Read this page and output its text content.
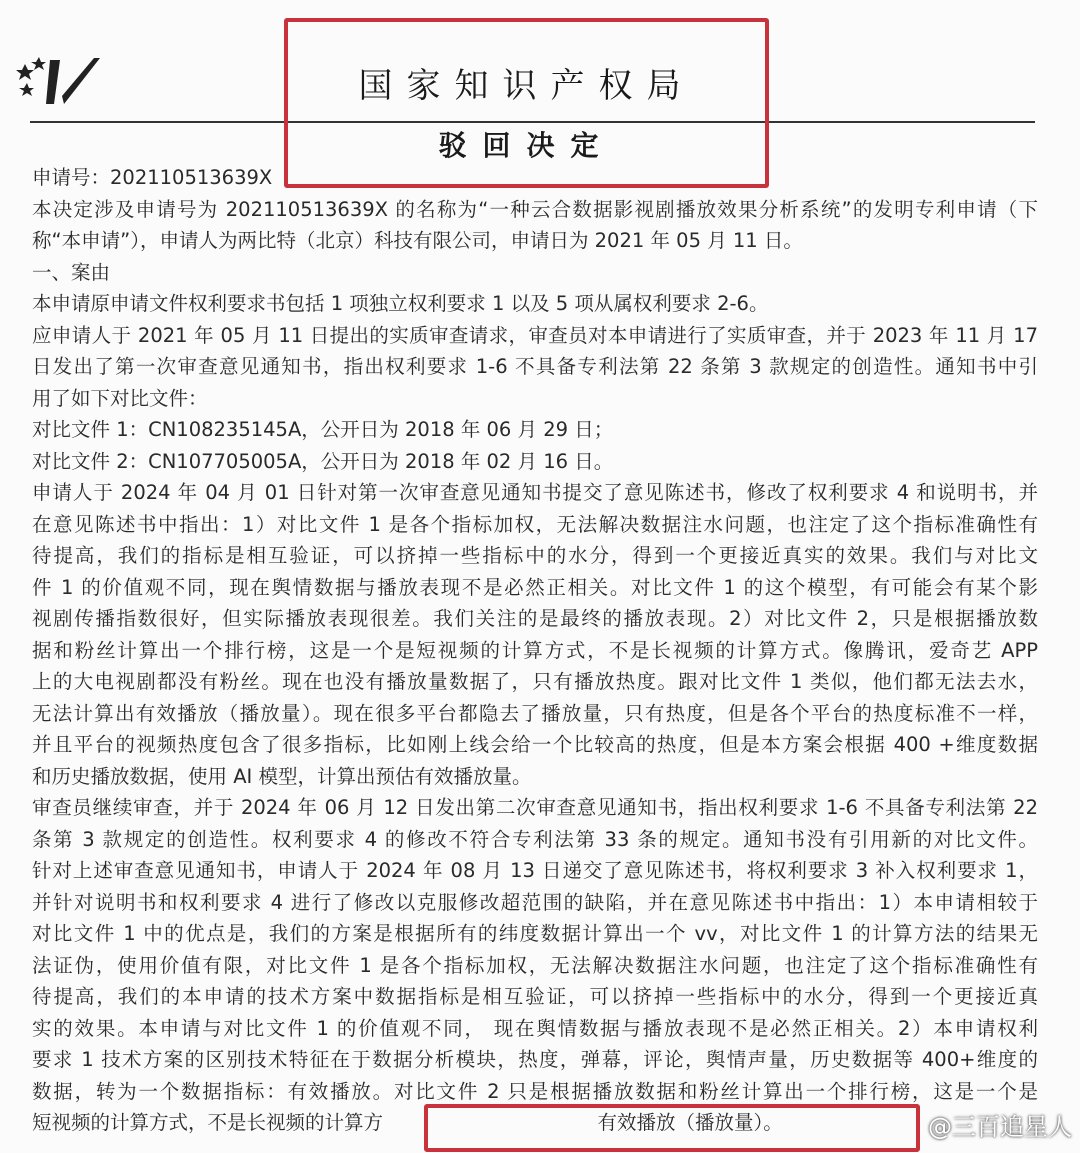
国家知识产权局
驳回决定
申请号：202110513639X
本决定涉及申请号为 202110513639X 的名称为“一种云合数据影视剧播放效果分析系统”的发明专利申请（下
称“本申请”），申请人为两比特（北京）科技有限公司，申请日为 2021 年 05 月 11 日。
一、案由
本申请原申请文件权利要求书包括 1 项独立权利要求 1 以及 5 项从属权利要求 2-6。
应申请人于 2021 年 05 月 11 日提出的实质审查请求，审查员对本申请进行了实质审查，并于 2023 年 11 月 17
日发出了第一次审查意见通知书，指出权利要求 1-6 不具备专利法第 22 条第 3 款规定的创造性。通知书中引
用了如下对比文件：
对比文件 1：CN108235145A，公开日为 2018 年 06 月 29 日；
对比文件 2：CN107705005A，公开日为 2018 年 02 月 16 日。
申请人于 2024 年 04 月 01 日针对第一次审查意见通知书提交了意见陈述书，修改了权利要求 4 和说明书，并
在意见陈述书中指出：1）对比文件 1 是各个指标加权，无法解决数据注水问题，也注定了这个指标准确性有
待提高，我们的指标是相互验证，可以挤掉一些指标中的水分，得到一个更接近真实的效果。我们与对比文
件 1 的价值观不同，现在舆情数据与播放表现不是必然正相关。对比文件 1 的这个模型，有可能会有某个影
视剧传播指数很好，但实际播放表现很差。我们关注的是最终的播放表现。2）对比文件 2，只是根据播放数
据和粉丝计算出一个排行榜，这是一个是短视频的计算方式，不是长视频的计算方式。像腾讯，爱奇艺 APP
上的大电视剧都没有粉丝。现在也没有播放量数据了，只有播放热度。跟对比文件 1 类似，他们都无法去水，
无法计算出有效播放（播放量）。现在很多平台都隐去了播放量，只有热度，但是各个平台的热度标准不一样，
并且平台的视频热度包含了很多指标，比如刚上线会给一个比较高的热度，但是本方案会根据 400 +维度数据
和历史播放数据，使用 AI 模型，计算出预估有效播放量。
审查员继续审查，并于 2024 年 06 月 12 日发出第二次审查意见通知书，指出权利要求 1-6 不具备专利法第 22
条第 3 款规定的创造性。权利要求 4 的修改不符合专利法第 33 条的规定。通知书没有引用新的对比文件。
针对上述审查意见通知书，申请人于 2024 年 08 月 13 日递交了意见陈述书，将权利要求 3 补入权利要求 1，
并针对说明书和权利要求 4 进行了修改以克服修改超范围的缺陷，并在意见陈述书中指出：1）本申请相较于
对比文件 1 中的优点是，我们的方案是根据所有的纬度数据计算出一个 vv，对比文件 1 的计算方法的结果无
法证伪，使用价值有限，对比文件 1 是各个指标加权，无法解决数据注水问题，也注定了这个指标准确性有
待提高，我们的本申请的技术方案中数据指标是相互验证，可以挤掉一些指标中的水分，得到一个更接近真
实的效果。本申请与对比文件 1 的价值观不同， 现在舆情数据与播放表现不是必然正相关。2）本申请权利
要求 1 技术方案的区别技术特征在于数据分析模块，热度，弹幕，评论，舆情声量，历史数据等 400+维度的
数据，转为一个数据指标：有效播放。对比文件 2 只是根据播放数据和粉丝计算出一个排行榜，这是一个是
短视频的计算方式，不是长视频的计算方　　　　　　　　　　　有效播放（播放量）。	@三百追星人
